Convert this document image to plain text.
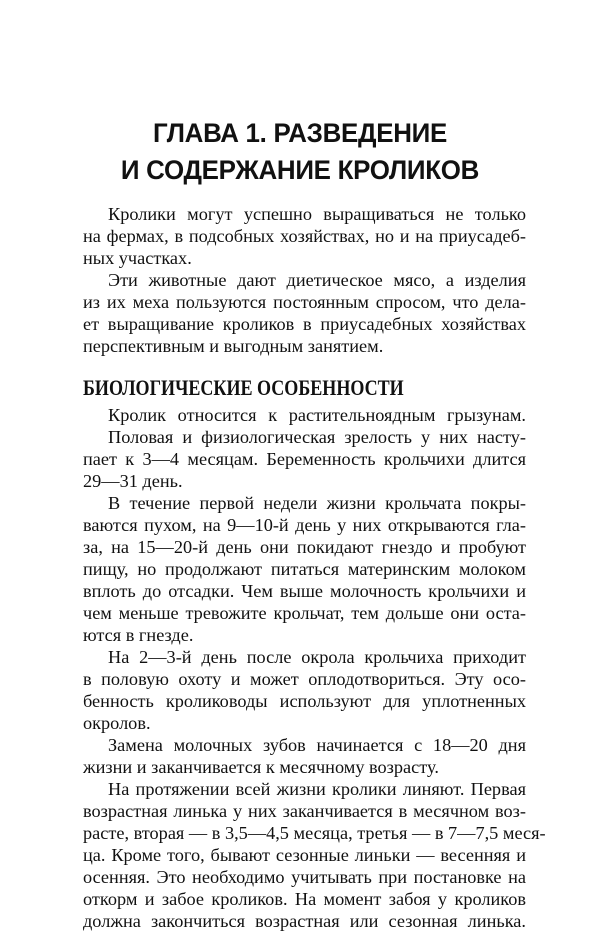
ГЛАВА 1. РАЗВЕДЕНИЕ
И СОДЕРЖАНИЕ КРОЛИКОВ
Кролики могут успешно выращиваться не только
на фермах, в подсобных хозяйствах, но и на приусадеб-
ных участках.
Эти животные дают диетическое мясо, а изделия
из их меха пользуются постоянным спросом, что дела-
ет выращивание кроликов в приусадебных хозяйствах
перспективным и выгодным занятием.
БИОЛОГИЧЕСКИЕ ОСОБЕННОСТИ
Кролик относится к растительноядным грызунам.
Половая и физиологическая зрелость у них насту-
пает к 3—4 месяцам. Беременность крольчихи длится
29—31 день.
В течение первой недели жизни крольчата покры-
ваются пухом, на 9—10-й день у них открываются гла-
за, на 15—20-й день они покидают гнездо и пробуют
пищу, но продолжают питаться материнским молоком
вплоть до отсадки. Чем выше молочность крольчихи и
чем меньше тревожите крольчат, тем дольше они оста-
ются в гнезде.
На 2—3-й день после окрола крольчиха приходит
в половую охоту и может оплодотвориться. Эту осо-
бенность кролиководы используют для уплотненных
окролов.
Замена молочных зубов начинается с 18—20 дня
жизни и заканчивается к месячному возрасту.
На протяжении всей жизни кролики линяют. Первая
возрастная линька у них заканчивается в месячном воз-
расте, вторая — в 3,5—4,5 месяца, третья — в 7—7,5 меся-
ца. Кроме того, бывают сезонные линьки — весенняя и
осенняя. Это необходимо учитывать при постановке на
откорм и забое кроликов. На момент забоя у кроликов
должна закончиться возрастная или сезонная линька.
